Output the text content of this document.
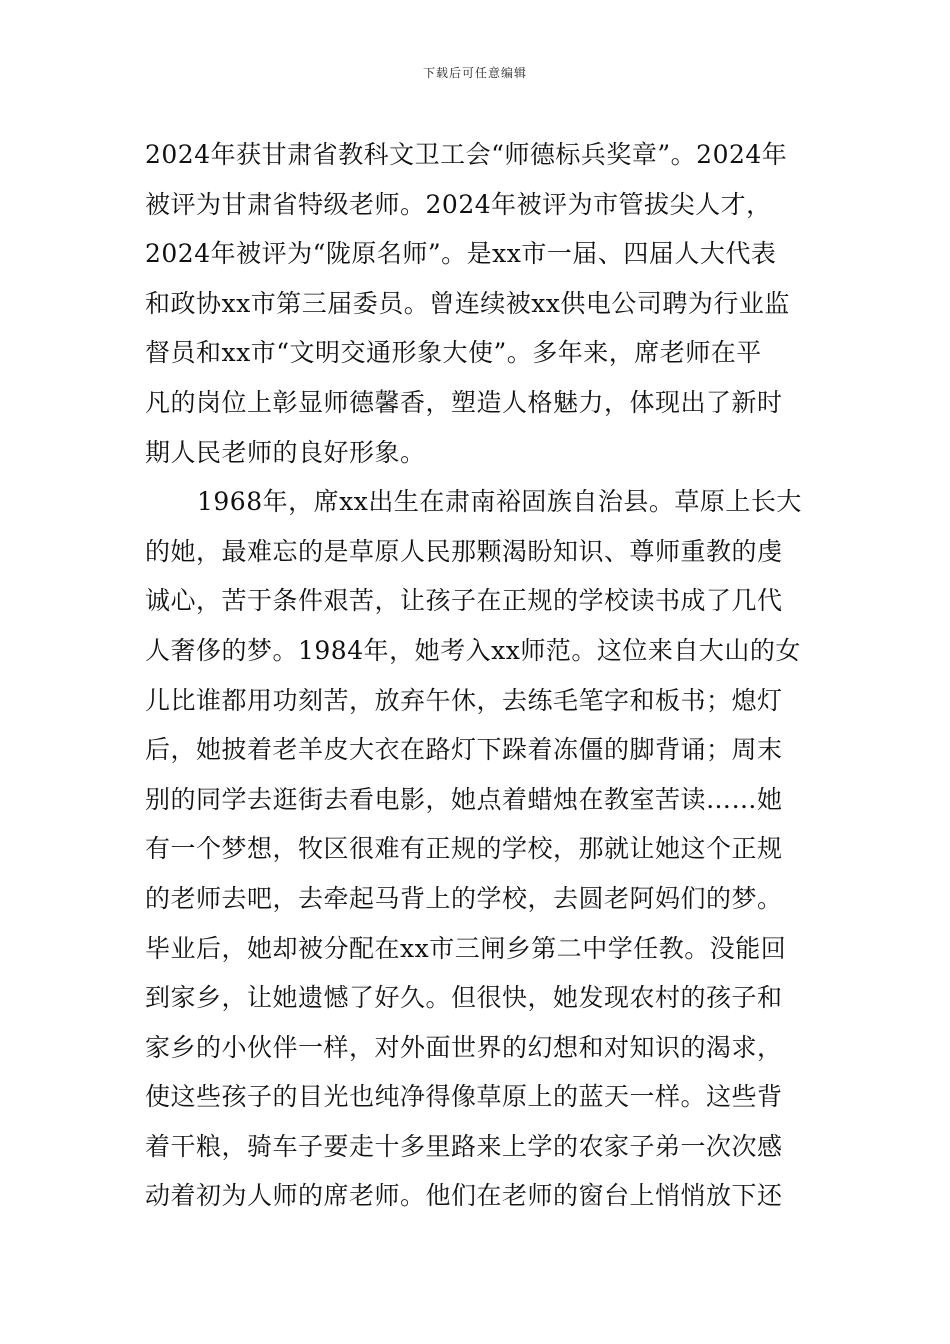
下载后可任意编辑
2024年获甘肃省教科文卫工会“师德标兵奖章”。2024年
被评为甘肃省特级老师。2024年被评为市管拔尖人才，
2024年被评为“陇原名师”。是xx市一届、四届人大代表
和政协xx市第三届委员。曾连续被xx供电公司聘为行业监
督员和xx市“文明交通形象大使”。多年来，席老师在平
凡的岗位上彰显师德馨香，塑造人格魅力，体现出了新时
期人民老师的良好形象。
1968年，席xx出生在肃南裕固族自治县。草原上长大
的她，最难忘的是草原人民那颗渴盼知识、尊师重教的虔
诚心，苦于条件艰苦，让孩子在正规的学校读书成了几代
人奢侈的梦。1984年，她考入xx师范。这位来自大山的女
儿比谁都用功刻苦，放弃午休，去练毛笔字和板书；熄灯
后，她披着老羊皮大衣在路灯下跺着冻僵的脚背诵；周末
别的同学去逛街去看电影，她点着蜡烛在教室苦读……她
有一个梦想，牧区很难有正规的学校，那就让她这个正规
的老师去吧，去牵起马背上的学校，去圆老阿妈们的梦。
毕业后，她却被分配在xx市三闸乡第二中学任教。没能回
到家乡，让她遗憾了好久。但很快，她发现农村的孩子和
家乡的小伙伴一样，对外面世界的幻想和对知识的渴求，
使这些孩子的目光也纯净得像草原上的蓝天一样。这些背
着干粮，骑车子要走十多里路来上学的农家子弟一次次感
动着初为人师的席老师。他们在老师的窗台上悄悄放下还
